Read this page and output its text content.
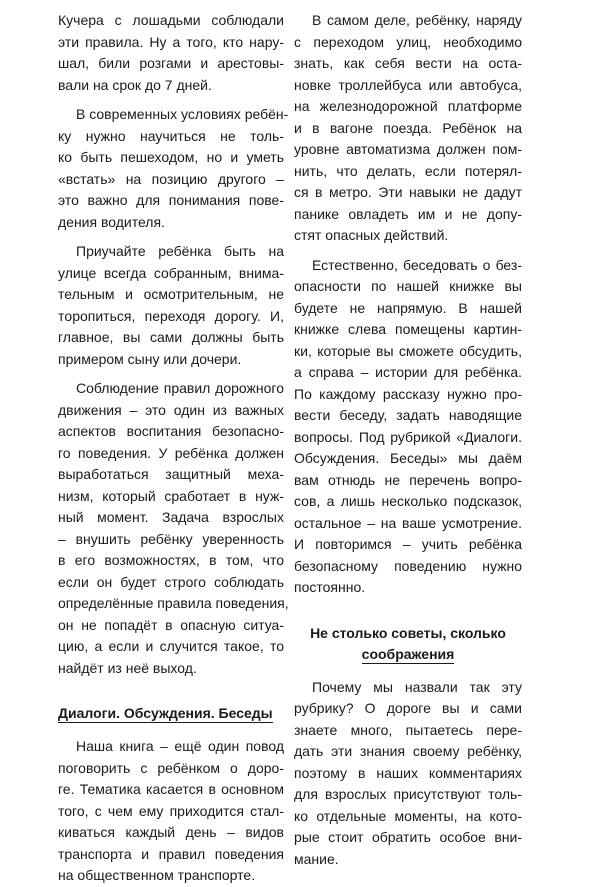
Кучера с лошадьми соблюдали
эти правила. Ну а того, кто нару-
шал, били розгами и арестовы-
вали на срок до 7 дней.

В современных условиях ребён-
ку нужно научиться не толь-
ко быть пешеходом, но и уметь
«встать» на позицию другого –
это важно для понимания пове-
дения водителя.

Приучайте ребёнка быть на
улице всегда собранным, внима-
тельным и осмотрительным, не
тoропиться, переходя дорогу. И,
главное, вы сами должны быть
примером сыну или дочери.

Соблюдение правил дорожного
движения – это один из важных
аспектов воспитания безопасно-
го поведения. У ребёнка должен
выработаться защитный меха-
низм, который сработает в нуж-
ный момент. Задача взрослых
– внушить ребёнку уверенность
в его возможностях, в том, что
если он будет строго соблюдать
определённые правила поведения,
он не попадёт в опасную ситуа-
цию, а если и случится такое, то
найдёт из неё выход.

Диалоги. Обсуждения. Беседы

Наша книга – ещё один повод
поговорить с ребёнком о доро-
ге. Тематика касается в основном
того, с чем ему приходится стал-
киваться каждый день – видов
транспорта и правил поведения
на общественном транспорте.

В самом деле, ребёнку, наряду
с переходом улиц, необходимо
знать, как себя вести на оста-
новке троллейбуса или автобуса,
на железнодорожной платформе
и в вагоне поезда. Ребёнок на
уровне автоматизма должен пом-
нить, что делать, если потерял-
ся в метро. Эти навыки не дадут
панике овладеть им и не допу-
стят опасных действий.

Естественно, беседовать о без-
опасности по нашей книжке вы
будете не напрямую. В нашей
книжке слева помещены картин-
ки, которые вы сможете обсудить,
а справа – истории для ребёнка.
По каждому рассказу нужно про-
вести беседу, задать наводящие
вопросы. Под рубрикой «Диалоги.
Обсуждения. Беседы» мы даём
вам отнюдь не перечень вопро-
сов, а лишь несколько подсказок,
остальное – на ваше усмотрение.
И повторимся – учить ребёнка
безопасному поведению нужно
постоянно.

Не столько советы, сколько
соображения

Почему мы назвали так эту
рубрику? О дороге вы и сами
знаете много, пытаетесь пере-
дать эти знания своему ребёнку,
поэтому в наших комментариях
для взрослых присутствуют толь-
ко отдельные моменты, на кото-
рые стоит обратить особое вни-
мание.
